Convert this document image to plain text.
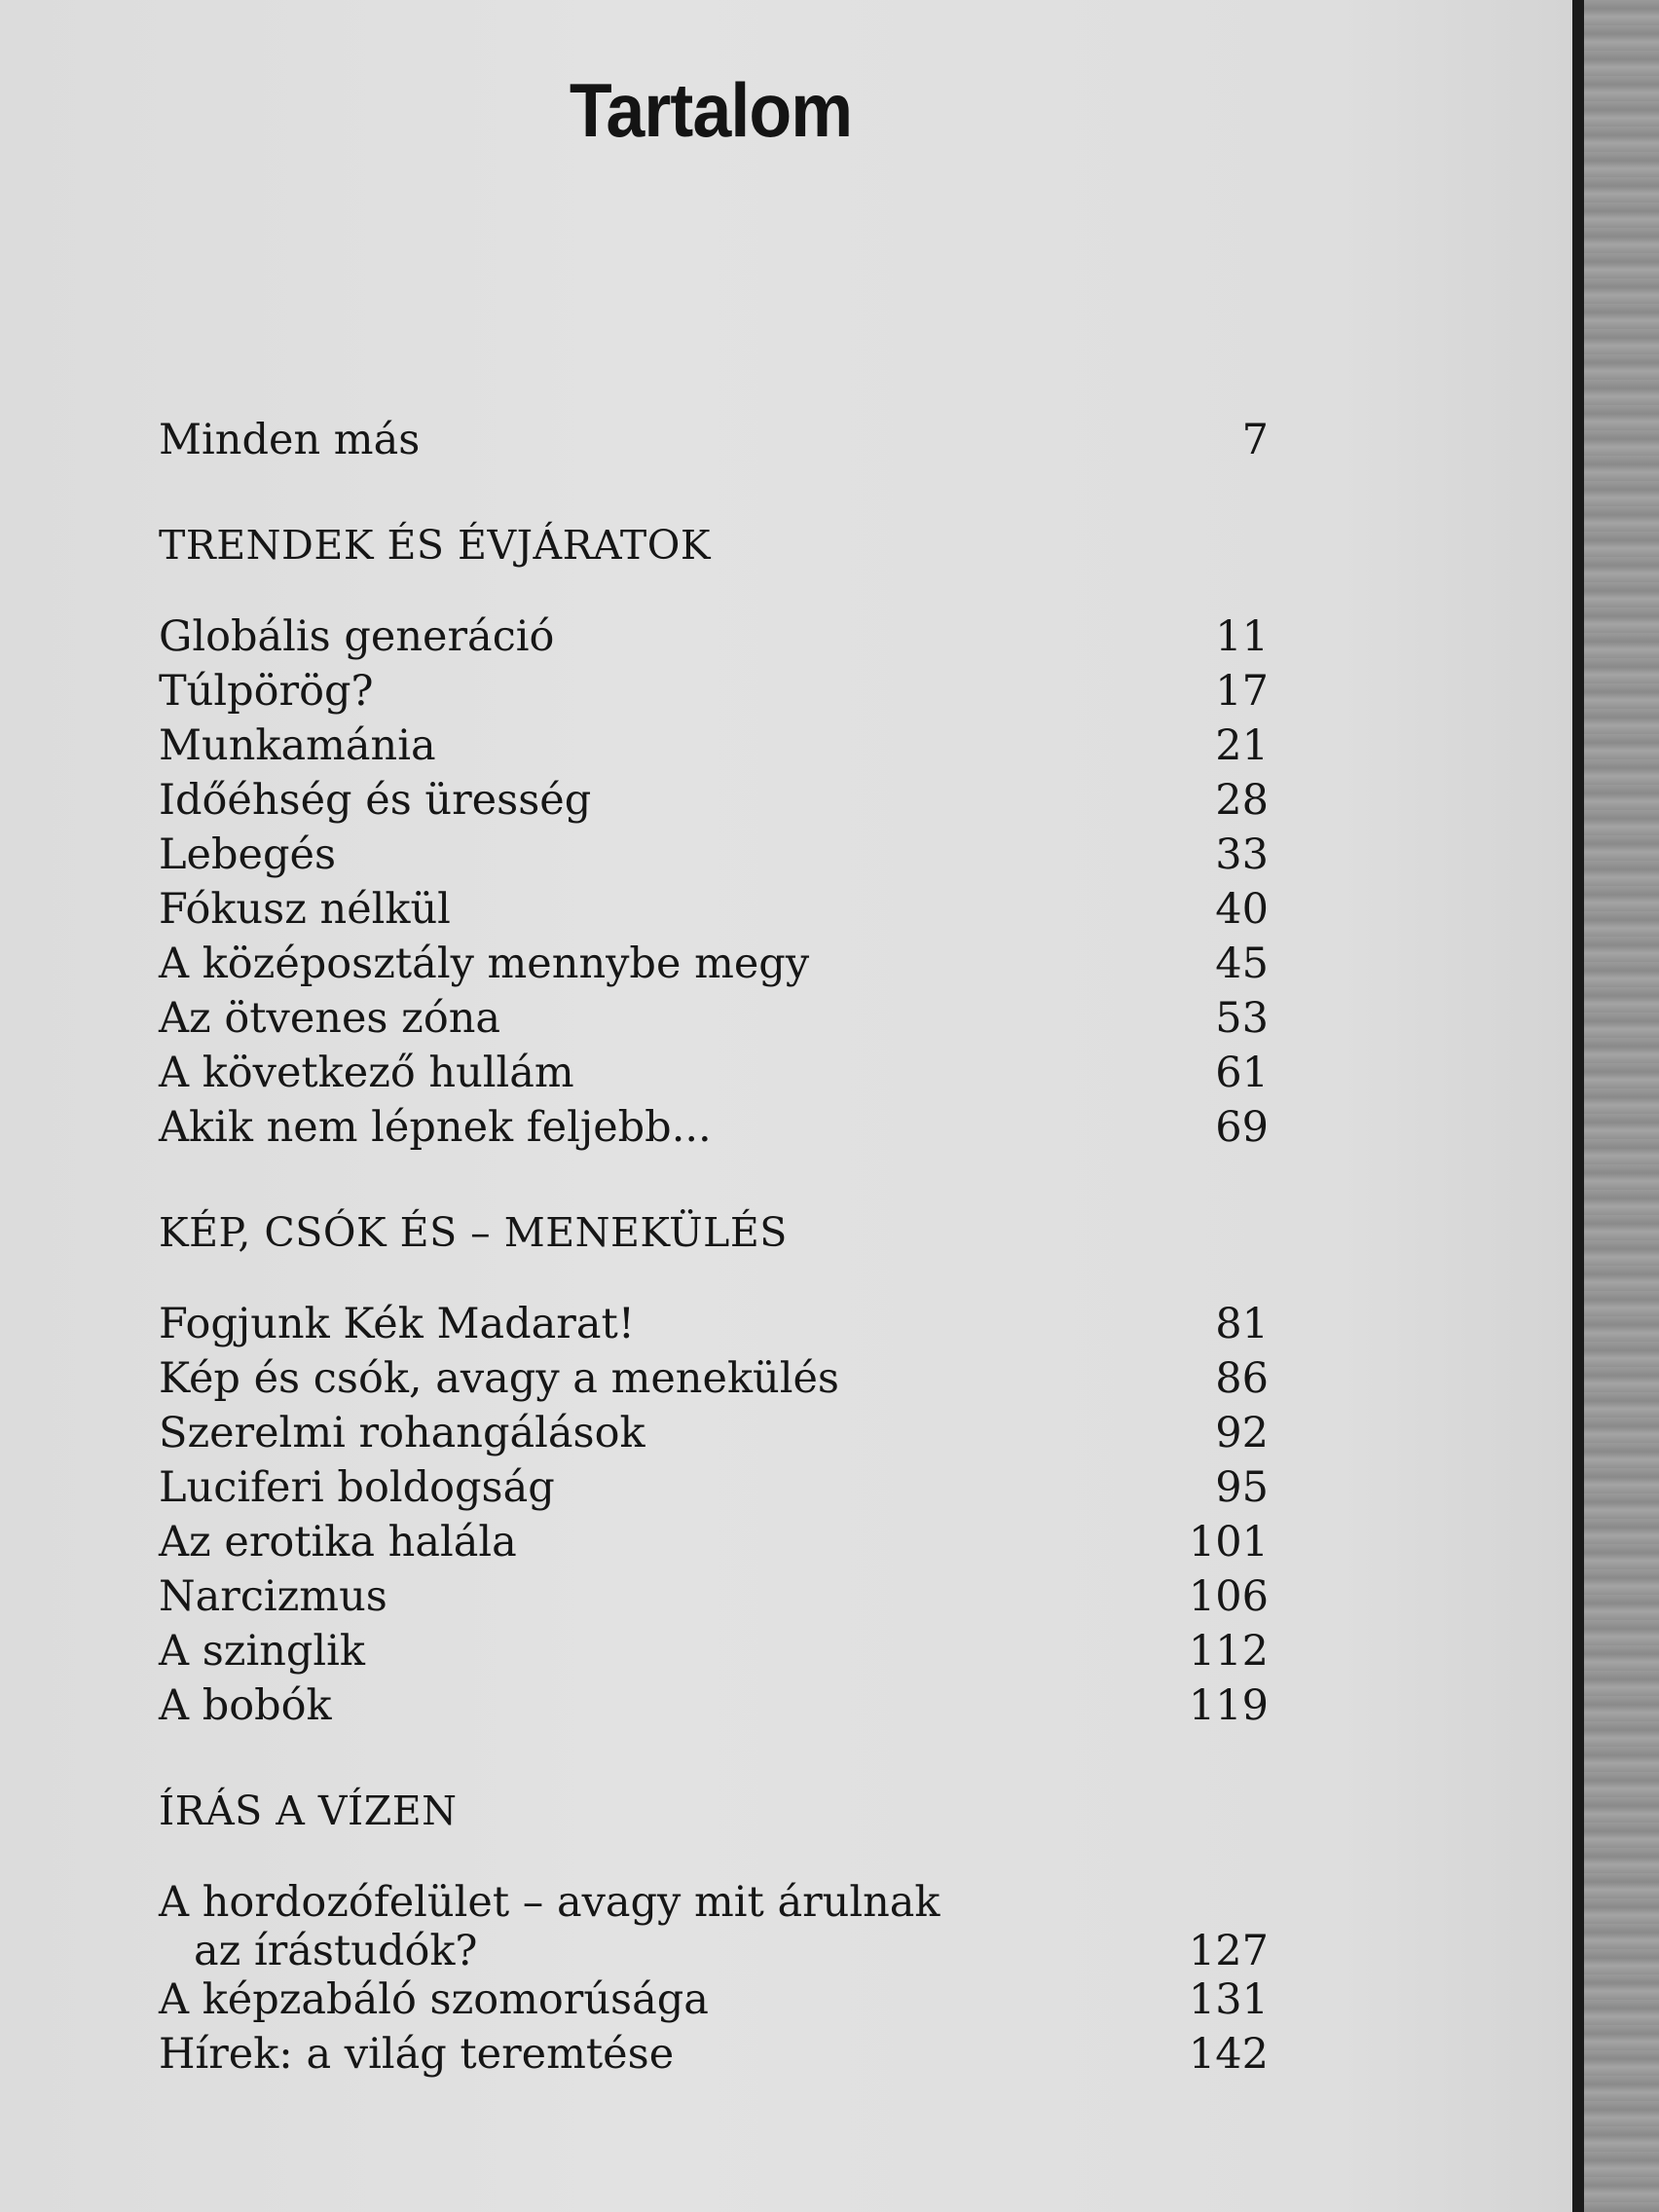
Tartalom
Minden más	7
TRENDEK ÉS ÉVJÁRATOK
Globális generáció	11
Túlpörög?	17
Munkamánia	21
Időéhség és üresség	28
Lebegés	33
Fókusz nélkül	40
A középosztály mennybe megy	45
Az ötvenes zóna	53
A következő hullám	61
Akik nem lépnek feljebb...	69
KÉP, CSÓK ÉS – MENEKÜLÉS
Fogjunk Kék Madarat!	81
Kép és csók, avagy a menekülés	86
Szerelmi rohangálások	92
Luciferi boldogság	95
Az erotika halála	101
Narcizmus	106
A szinglik	112
A bobók	119
ÍRÁS A VÍZEN
A hordozófelület – avagy mit árulnak
az írástudók?	127
A képzabáló szomorúsága	131
Hírek: a világ teremtése	142
